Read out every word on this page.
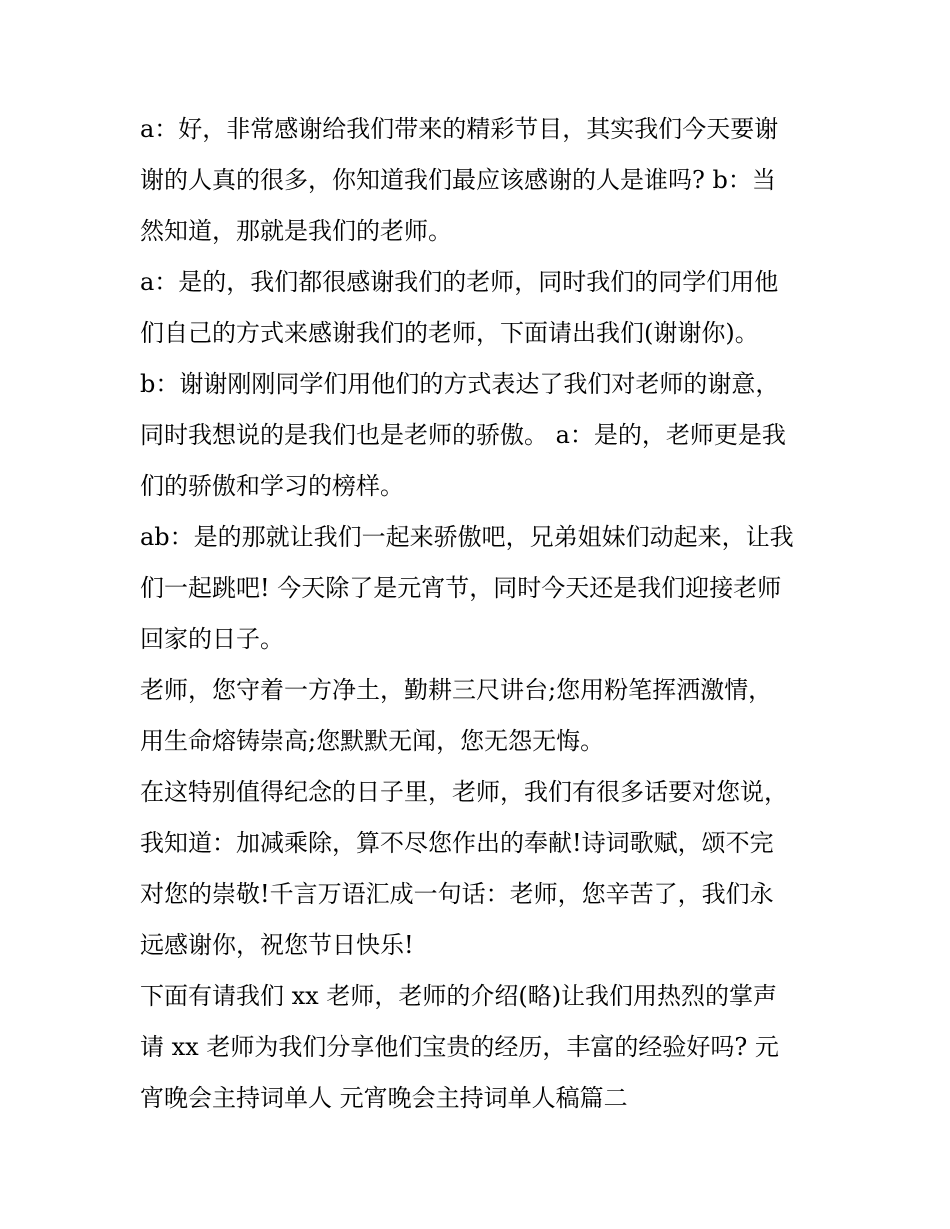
a：好，非常感谢给我们带来的精彩节目，其实我们今天要谢
谢的人真的很多，你知道我们最应该感谢的人是谁吗? b：当
然知道，那就是我们的老师。

a：是的，我们都很感谢我们的老师，同时我们的同学们用他
们自己的方式来感谢我们的老师，下面请出我们(谢谢你)。

b：谢谢刚刚同学们用他们的方式表达了我们对老师的谢意，
同时我想说的是我们也是老师的骄傲。 a：是的，老师更是我
们的骄傲和学习的榜样。

ab：是的那就让我们一起来骄傲吧，兄弟姐妹们动起来，让我
们一起跳吧! 今天除了是元宵节，同时今天还是我们迎接老师
回家的日子。

老师，您守着一方净土，勤耕三尺讲台;您用粉笔挥洒激情，
用生命熔铸崇高;您默默无闻，您无怨无悔。

在这特别值得纪念的日子里，老师，我们有很多话要对您说，
我知道：加减乘除，算不尽您作出的奉献!诗词歌赋，颂不完
对您的崇敬!千言万语汇成一句话：老师，您辛苦了，我们永
远感谢你，祝您节日快乐!

下面有请我们 xx 老师，老师的介绍(略)让我们用热烈的掌声
请 xx 老师为我们分享他们宝贵的经历，丰富的经验好吗? 元
宵晚会主持词单人 元宵晚会主持词单人稿篇二
